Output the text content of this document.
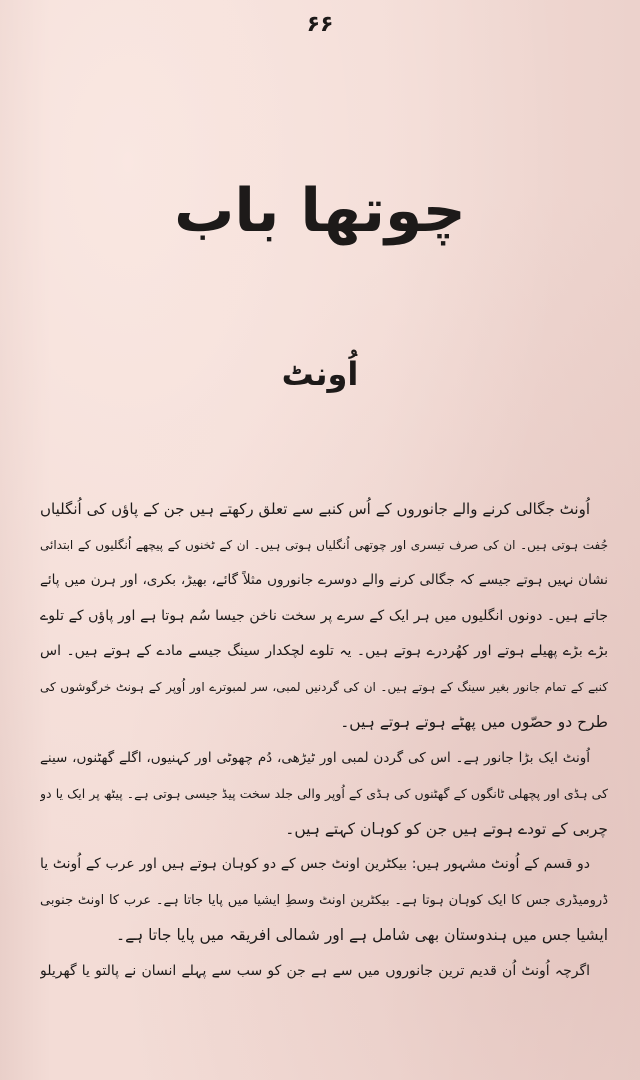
۶۶
چوتھا باب
اُونٹ
اُونٹ جگالی کرنے والے جانوروں کے اُس کنبے سے تعلق رکھتے ہیں جن کے پاؤں کی اُنگلیاں
جُفت ہوتی ہیں۔ ان کی صرف تیسری اور چوتھی اُنگلیاں ہوتی ہیں۔ ان کے ٹخنوں کے پیچھے اُنگلیوں کے ابتدائی
نشان نہیں ہوتے جیسے کہ جگالی کرنے والے دوسرے جانوروں مثلاً گائے، بھیڑ، بکری، اور ہرن میں پائے
جاتے ہیں۔ دونوں انگلیوں میں ہر ایک کے سرے پر سخت ناخن جیسا سُم ہوتا ہے اور پاؤں کے تلوے
بڑے بڑے پھیلے ہوتے اور کھُردرے ہوتے ہیں۔ یہ تلوے لچکدار سینگ جیسے مادے کے ہوتے ہیں۔ اس
کنبے کے تمام جانور بغیر سینگ کے ہوتے ہیں۔ ان کی گردنیں لمبی، سر لمبوترے اور اُوپر کے ہونٹ خرگوشوں کی
طرح دو حصّوں میں پھٹے ہوتے ہوتے ہیں۔
اُونٹ ایک بڑا جانور ہے۔ اس کی گردن لمبی اور ٹیڑھی، دُم چھوٹی اور کہنیوں، اگلے گھٹنوں، سینے
کی ہڈی اور پچھلی ٹانگوں کے گھٹنوں کی ہڈی کے اُوپر والی جلد سخت پیڈ جیسی ہوتی ہے۔ پیٹھ پر ایک یا دو
چربی کے تودے ہوتے ہیں جن کو کوہان کہتے ہیں۔
دو قسم کے اُونٹ مشہور ہیں: بیکٹرین اونٹ جس کے دو کوہان ہوتے ہیں اور عرب کے اُونٹ یا
ڈرومیڈری جس کا ایک کوہان ہوتا ہے۔ بیکٹرین اونٹ وسطِ ایشیا میں پایا جاتا ہے۔ عرب کا اونٹ جنوبی
ایشیا جس میں ہندوستان بھی شامل ہے اور شمالی افریقہ میں پایا جاتا ہے۔
اگرچہ اُونٹ اُن قدیم ترین جانوروں میں سے ہے جن کو سب سے پہلے انسان نے پالتو یا گھریلو
